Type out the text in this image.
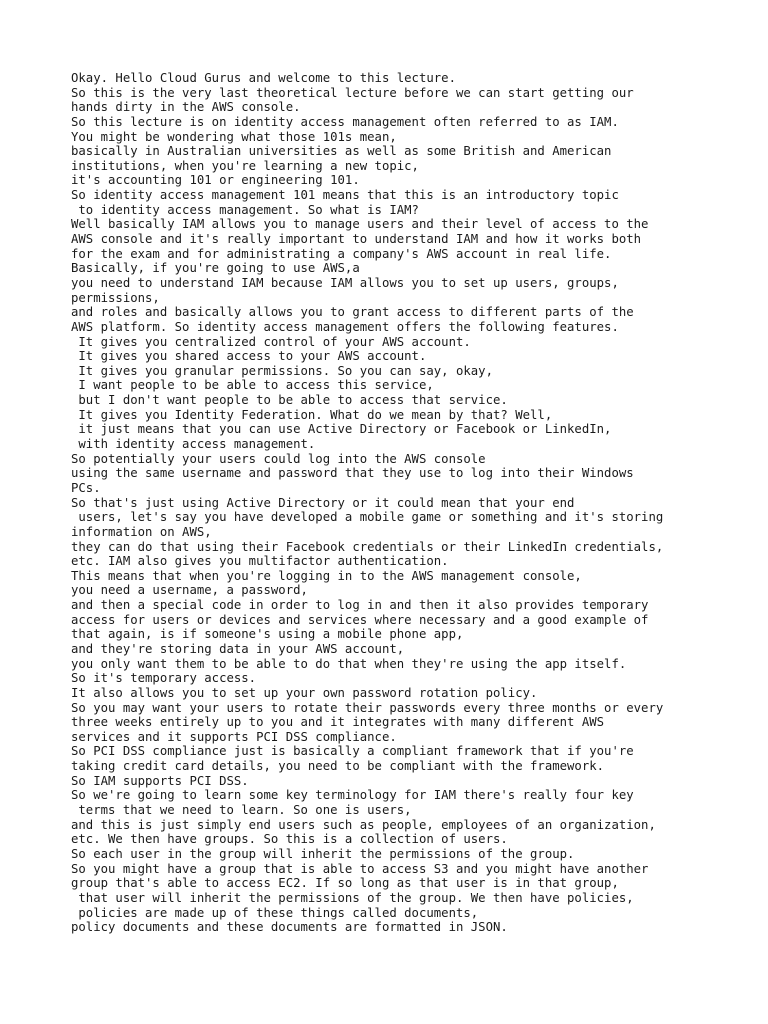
Okay. Hello Cloud Gurus and welcome to this lecture.
So this is the very last theoretical lecture before we can start getting our
hands dirty in the AWS console.
So this lecture is on identity access management often referred to as IAM.
You might be wondering what those 101s mean,
basically in Australian universities as well as some British and American
institutions, when you're learning a new topic,
it's accounting 101 or engineering 101.
So identity access management 101 means that this is an introductory topic
to identity access management. So what is IAM?
Well basically IAM allows you to manage users and their level of access to the
AWS console and it's really important to understand IAM and how it works both
for the exam and for administrating a company's AWS account in real life.
Basically, if you're going to use AWS,a
you need to understand IAM because IAM allows you to set up users, groups,
permissions,
and roles and basically allows you to grant access to different parts of the
AWS platform. So identity access management offers the following features.
It gives you centralized control of your AWS account.
It gives you shared access to your AWS account.
It gives you granular permissions. So you can say, okay,
I want people to be able to access this service,
but I don't want people to be able to access that service.
It gives you Identity Federation. What do we mean by that? Well,
it just means that you can use Active Directory or Facebook or LinkedIn,
with identity access management.
So potentially your users could log into the AWS console
using the same username and password that they use to log into their Windows
PCs.
So that's just using Active Directory or it could mean that your end
users, let's say you have developed a mobile game or something and it's storing
information on AWS,
they can do that using their Facebook credentials or their LinkedIn credentials,
etc. IAM also gives you multifactor authentication.
This means that when you're logging in to the AWS management console,
you need a username, a password,
and then a special code in order to log in and then it also provides temporary
access for users or devices and services where necessary and a good example of
that again, is if someone's using a mobile phone app,
and they're storing data in your AWS account,
you only want them to be able to do that when they're using the app itself.
So it's temporary access.
It also allows you to set up your own password rotation policy.
So you may want your users to rotate their passwords every three months or every
three weeks entirely up to you and it integrates with many different AWS
services and it supports PCI DSS compliance.
So PCI DSS compliance just is basically a compliant framework that if you're
taking credit card details, you need to be compliant with the framework.
So IAM supports PCI DSS.
So we're going to learn some key terminology for IAM there's really four key
terms that we need to learn. So one is users,
and this is just simply end users such as people, employees of an organization,
etc. We then have groups. So this is a collection of users.
So each user in the group will inherit the permissions of the group.
So you might have a group that is able to access S3 and you might have another
group that's able to access EC2. If so long as that user is in that group,
that user will inherit the permissions of the group. We then have policies,
policies are made up of these things called documents,
policy documents and these documents are formatted in JSON.
